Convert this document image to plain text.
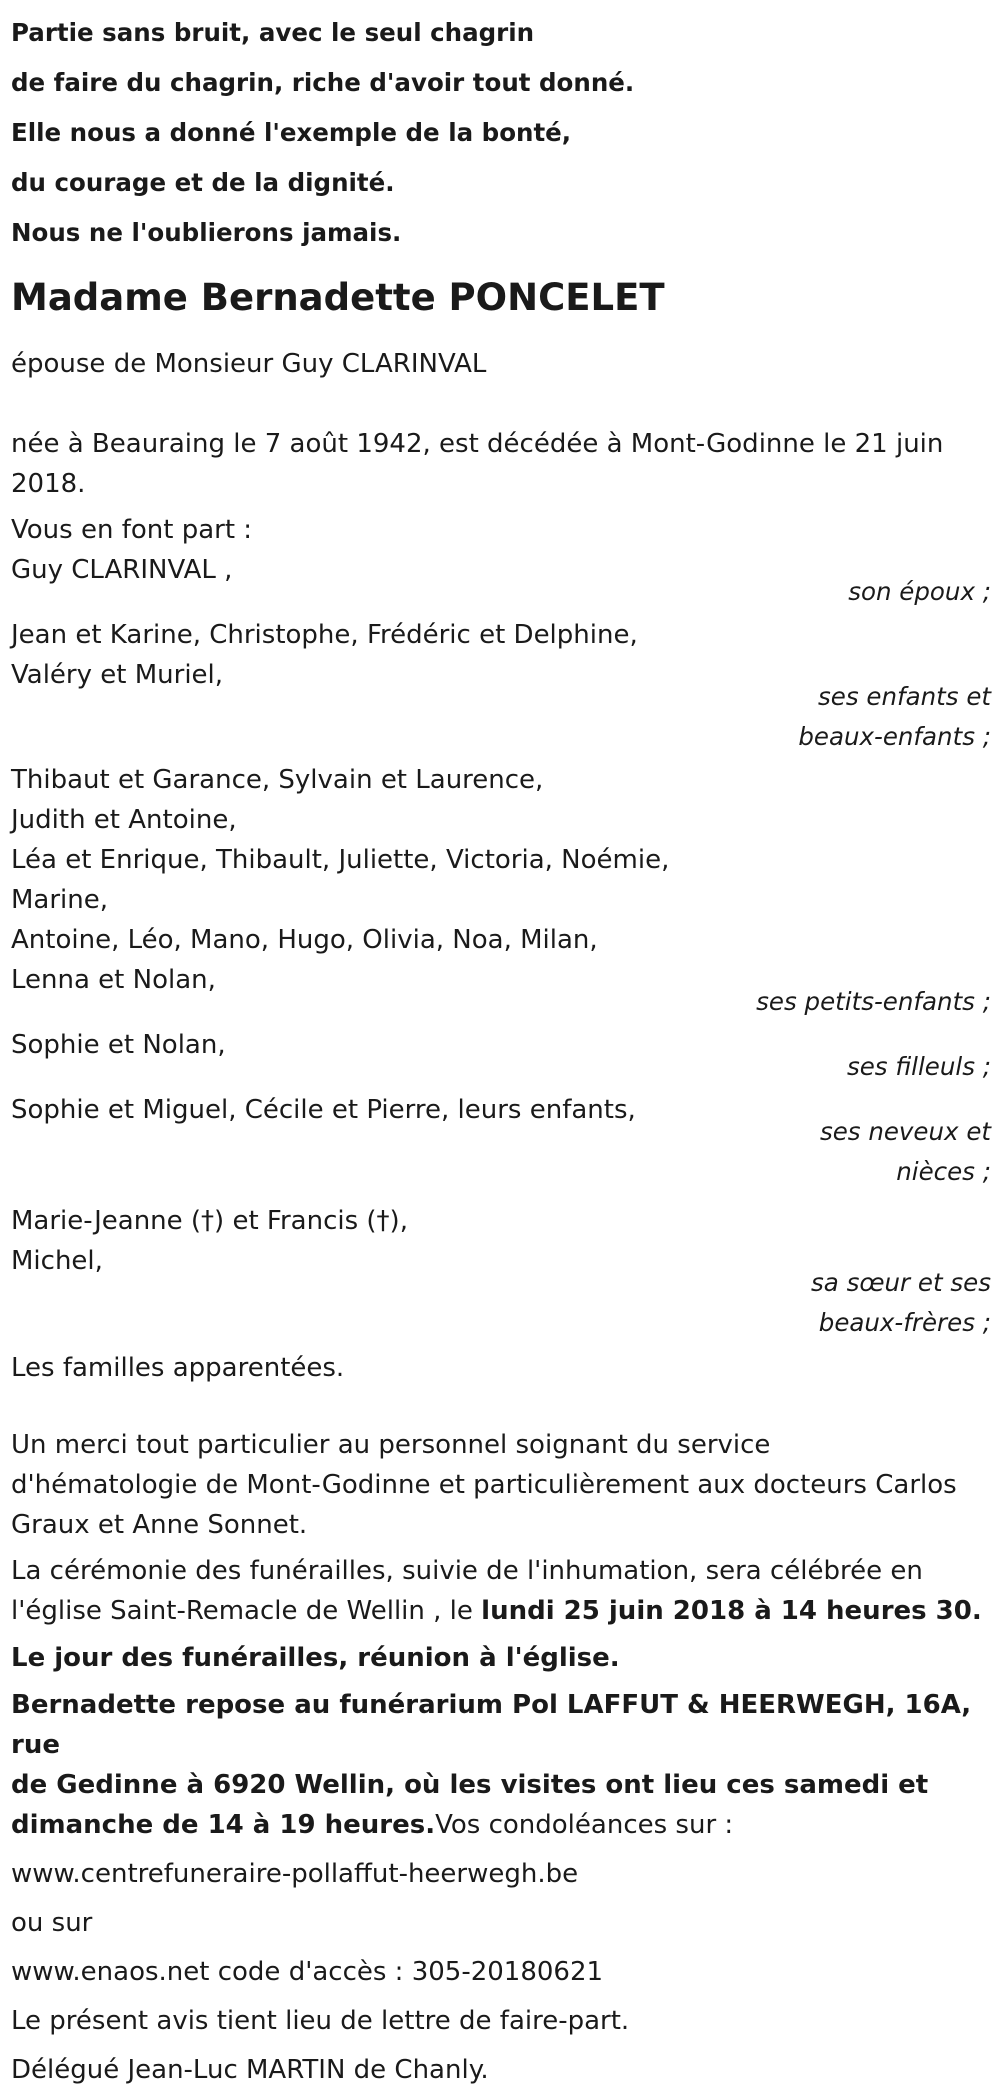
Partie sans bruit, avec le seul chagrin

de faire du chagrin, riche d'avoir tout donné.

Elle nous a donné l'exemple de la bonté,

du courage et de la dignité.

Nous ne l'oublierons jamais.

Madame Bernadette PONCELET

épouse de Monsieur Guy CLARINVAL

née à Beauraing le 7 août 1942, est décédée à Mont-Godinne le 21 juin

2018.

Vous en font part :

Guy CLARINVAL ,

son époux ;

Jean et Karine, Christophe, Frédéric et Delphine,

Valéry et Muriel,

ses enfants et

beaux-enfants ;

Thibaut et Garance, Sylvain et Laurence,

Judith et Antoine,

Léa et Enrique, Thibault, Juliette, Victoria, Noémie,

Marine,

Antoine, Léo, Mano, Hugo, Olivia, Noa, Milan,

Lenna et Nolan,

ses petits-enfants ;

Sophie et Nolan,

ses filleuls ;

Sophie et Miguel, Cécile et Pierre, leurs enfants,

ses neveux et

nièces ;

Marie-Jeanne (†) et Francis (†),

Michel,

sa sœur et ses

beaux-frères ;

Les familles apparentées.

Un merci tout particulier au personnel soignant du service

d'hématologie de Mont-Godinne et particulièrement aux docteurs Carlos

Graux et Anne Sonnet.

La cérémonie des funérailles, suivie de l'inhumation, sera célébrée en

l'église Saint-Remacle de Wellin , le lundi 25 juin 2018 à 14 heures 30.

Le jour des funérailles, réunion à l'église.

Bernadette repose au funérarium Pol LAFFUT & HEERWEGH, 16A, rue

de Gedinne à 6920 Wellin, où les visites ont lieu ces samedi et

dimanche de 14 à 19 heures.Vos condoléances sur :

www.centrefuneraire-pollaffut-heerwegh.be

ou sur

www.enaos.net code d'accès : 305-20180621

Le présent avis tient lieu de lettre de faire-part.

Délégué Jean-Luc MARTIN de Chanly.
